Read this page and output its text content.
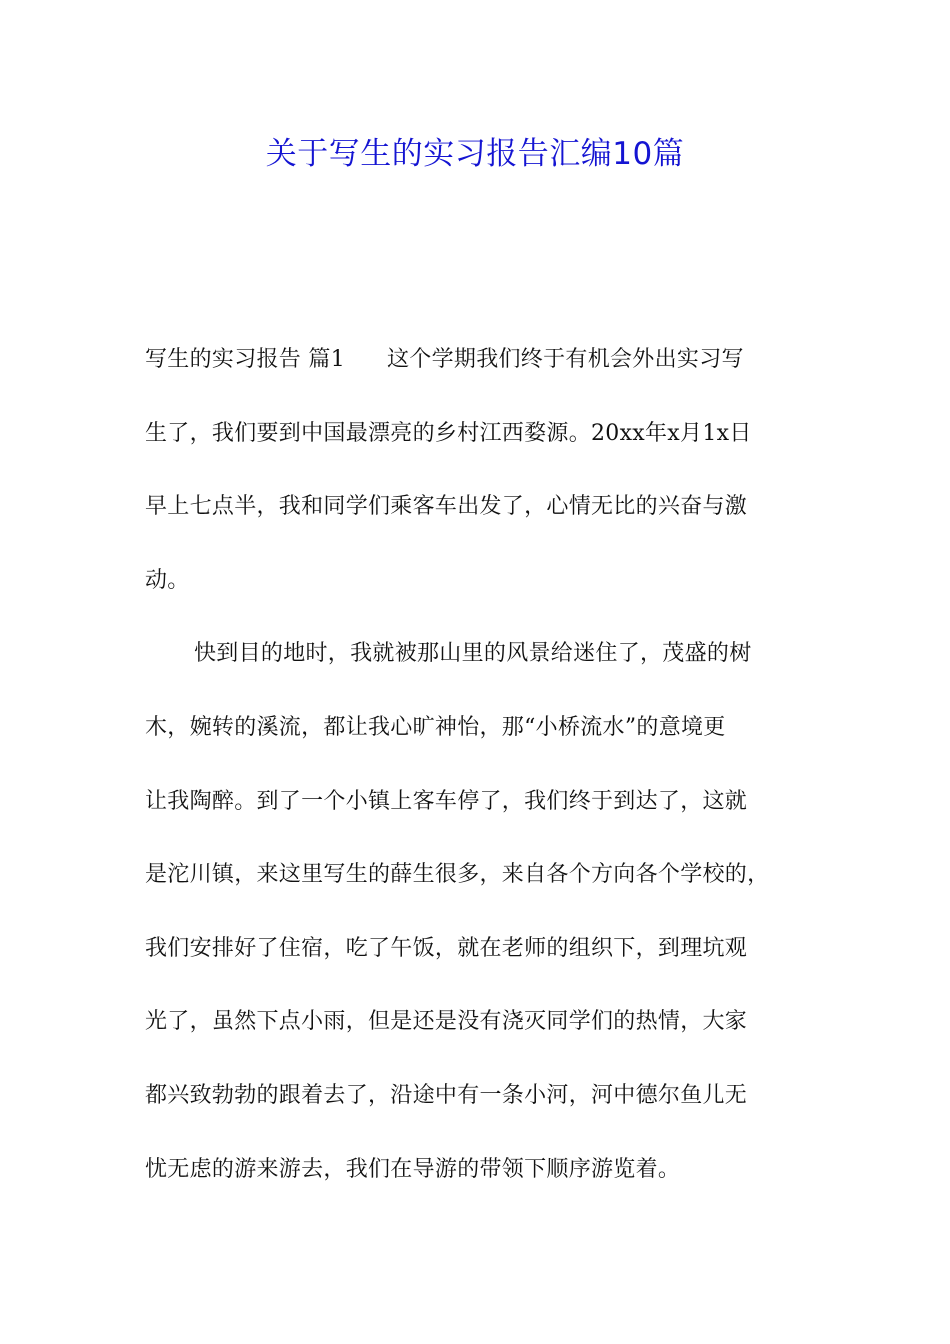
关于写生的实习报告汇编10篇
写生的实习报告 篇1 这个学期我们终于有机会外出实习写
生了，我们要到中国最漂亮的乡村江西婺源。20xx年x月1x日
早上七点半，我和同学们乘客车出发了，心情无比的兴奋与激
动。
快到目的地时，我就被那山里的风景给迷住了，茂盛的树
木，婉转的溪流，都让我心旷神怡，那“小桥流水”的意境更
让我陶醉。到了一个小镇上客车停了，我们终于到达了，这就
是沱川镇，来这里写生的薛生很多，来自各个方向各个学校的，
我们安排好了住宿，吃了午饭，就在老师的组织下，到理坑观
光了，虽然下点小雨，但是还是没有浇灭同学们的热情，大家
都兴致勃勃的跟着去了，沿途中有一条小河，河中德尔鱼儿无
忧无虑的游来游去，我们在导游的带领下顺序游览着。
